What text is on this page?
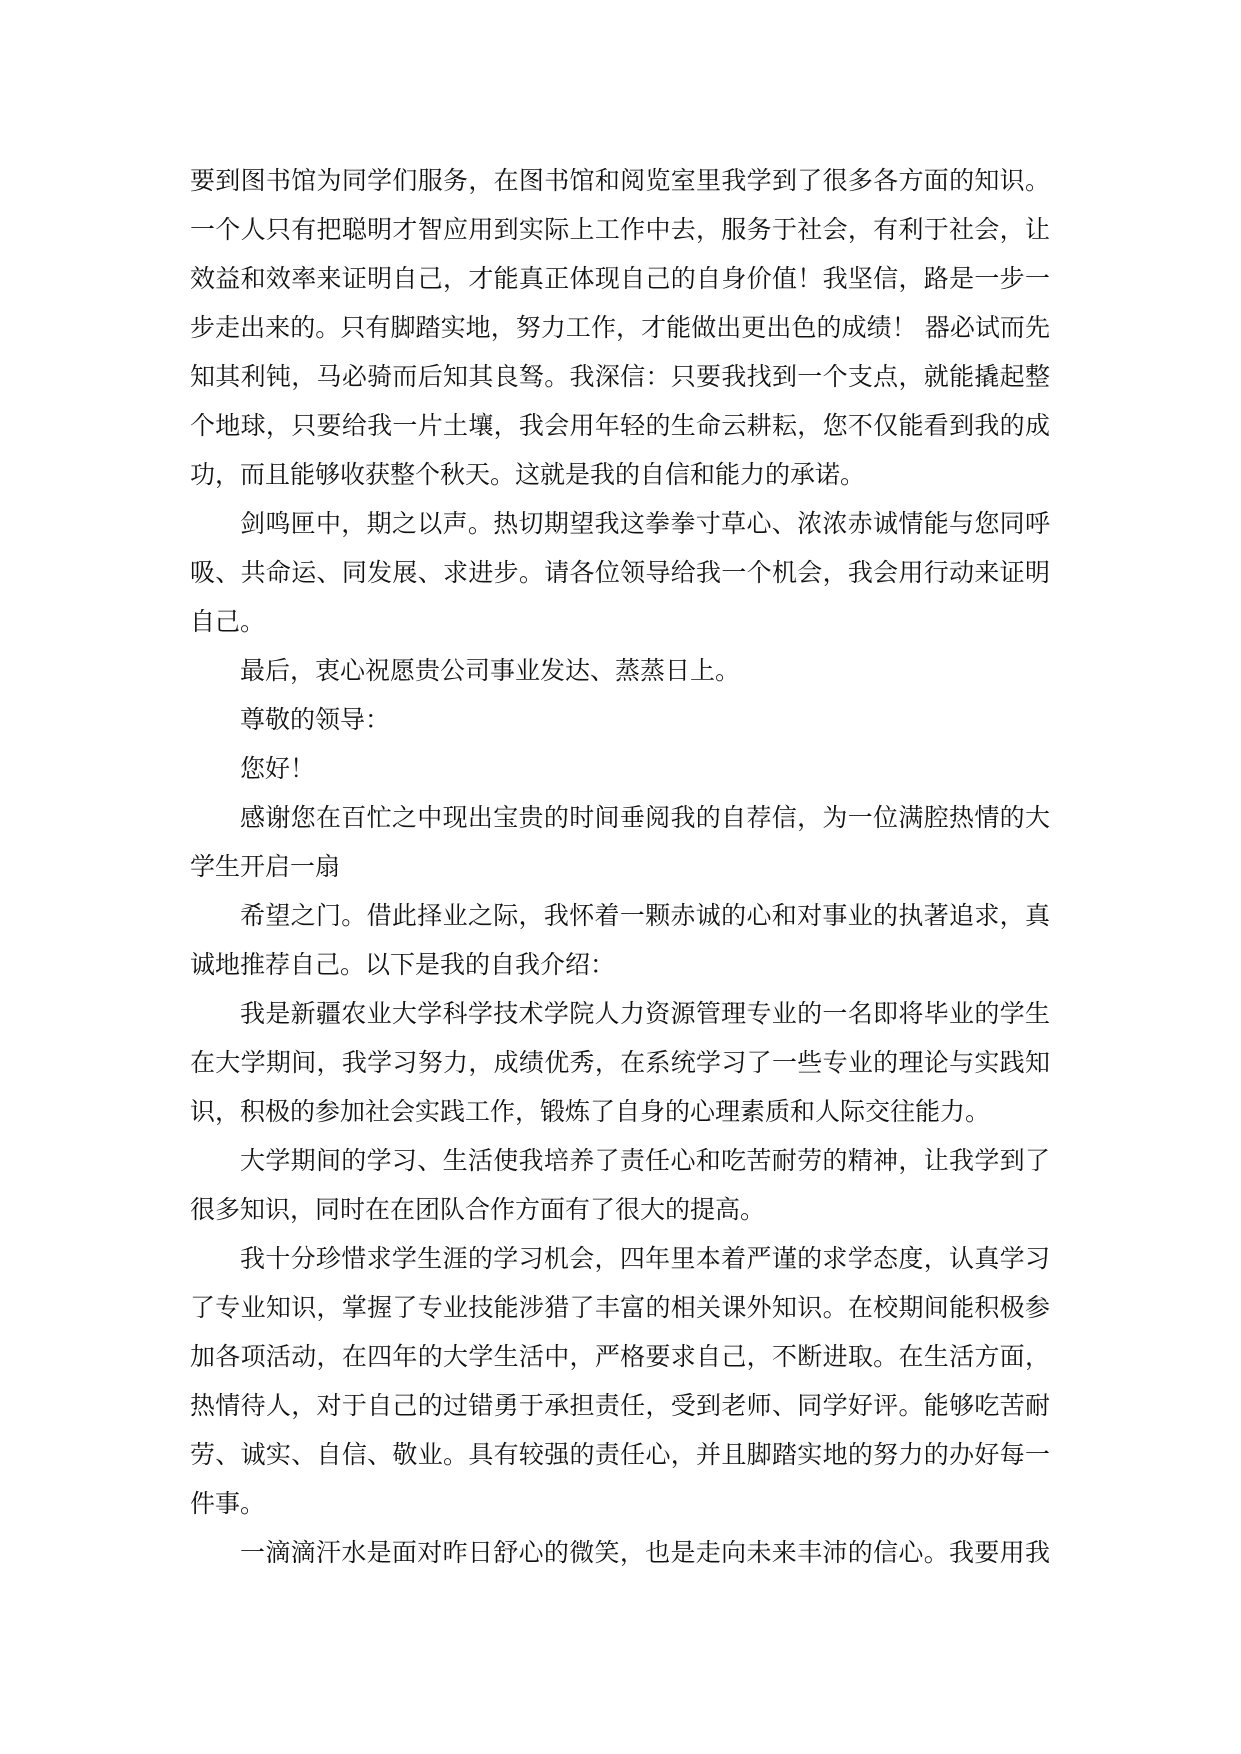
要到图书馆为同学们服务，在图书馆和阅览室里我学到了很多各方面的知识。

一个人只有把聪明才智应用到实际上工作中去，服务于社会，有利于社会，让

效益和效率来证明自己，才能真正体现自己的自身价值！我坚信，路是一步一

步走出来的。只有脚踏实地，努力工作，才能做出更出色的成绩！ 器必试而先

知其利钝，马必骑而后知其良驽。我深信：只要我找到一个支点，就能撬起整

个地球，只要给我一片土壤，我会用年轻的生命云耕耘，您不仅能看到我的成

功，而且能够收获整个秋天。这就是我的自信和能力的承诺。

剑鸣匣中，期之以声。热切期望我这拳拳寸草心、浓浓赤诚情能与您同呼

吸、共命运、同发展、求进步。请各位领导给我一个机会，我会用行动来证明

自己。

最后，衷心祝愿贵公司事业发达、蒸蒸日上。

尊敬的领导：

您好！

感谢您在百忙之中现出宝贵的时间垂阅我的自荐信，为一位满腔热情的大

学生开启一扇

希望之门。借此择业之际，我怀着一颗赤诚的心和对事业的执著追求，真

诚地推荐自己。以下是我的自我介绍：

我是新疆农业大学科学技术学院人力资源管理专业的一名即将毕业的学生

在大学期间，我学习努力，成绩优秀，在系统学习了一些专业的理论与实践知

识，积极的参加社会实践工作，锻炼了自身的心理素质和人际交往能力。

大学期间的学习、生活使我培养了责任心和吃苦耐劳的精神，让我学到了

很多知识，同时在在团队合作方面有了很大的提高。

我十分珍惜求学生涯的学习机会，四年里本着严谨的求学态度，认真学习

了专业知识，掌握了专业技能涉猎了丰富的相关课外知识。在校期间能积极参

加各项活动，在四年的大学生活中，严格要求自己，不断进取。在生活方面，

热情待人，对于自己的过错勇于承担责任，受到老师、同学好评。能够吃苦耐

劳、诚实、自信、敬业。具有较强的责任心，并且脚踏实地的努力的办好每一

件事。

一滴滴汗水是面对昨日舒心的微笑，也是走向未来丰沛的信心。我要用我
